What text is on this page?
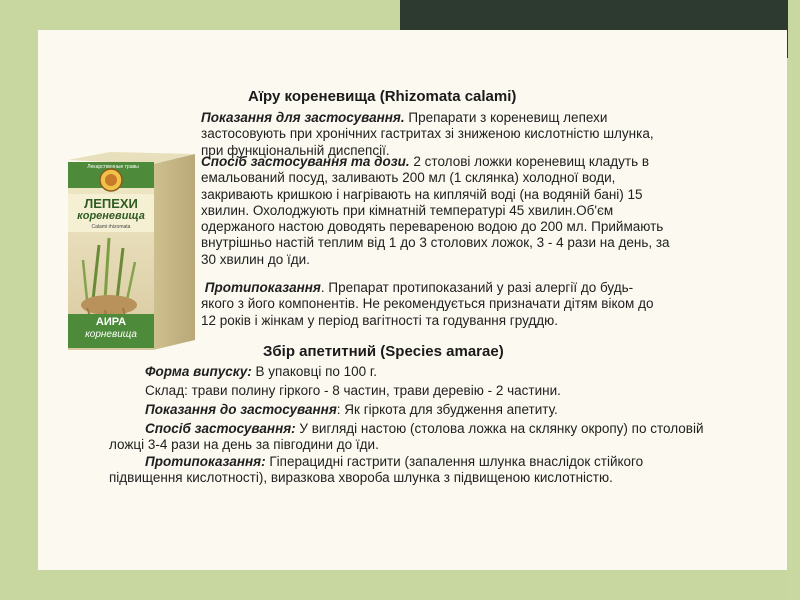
Аїру кореневища (Rhizomata calami)
Показання для застосування. Препарати з кореневищ лепехи застосовують при хронічних гастритах зі зниженою кислотністю шлунка, при функціональній диспепсії.
Спосіб застосування та дози. 2 столові ложки кореневищ кладуть в емальований посуд, заливають 200 мл (1 склянка) холодної води, закривають кришкою і нагрівають на киплячій воді (на водяній бані) 15 хвилин. Охолоджують при кімнатній температурі 45 хвилин.Об'єм одержаного настою доводять перевареною водою до 200 мл. Приймають внутрішньо настій теплим від 1 до 3 столових ложок, 3 - 4 рази на день, за 30 хвилин до їди.
Протипоказання. Препарат протипоказаний у разі алергії до будь-якого з його компонентів. Не рекомендується призначати дітям віком до 12 років і жінкам у період вагітності та годування груддю.
Лекарственные травы
ЛЕПЕХИ
кореневища
Calami rhizomata
АИРА
корневища
Збір апетитний (Species amarae)
Форма випуску: В упаковці по 100 г.
Склад: трави полину гіркого - 8 частин, трави деревію - 2 частини.
Показання до застосування: Як гіркота для збудження апетиту.
Спосіб застосування: У вигляді настою (столова ложка на склянку окропу) по столовій ложці 3-4 рази на день за півгодини до їди.
Протипоказання: Гіперацидні гастрити (запалення шлунка внаслідок стійкого підвищення кислотності), виразкова хвороба шлунка з підвищеною кислотністю.
